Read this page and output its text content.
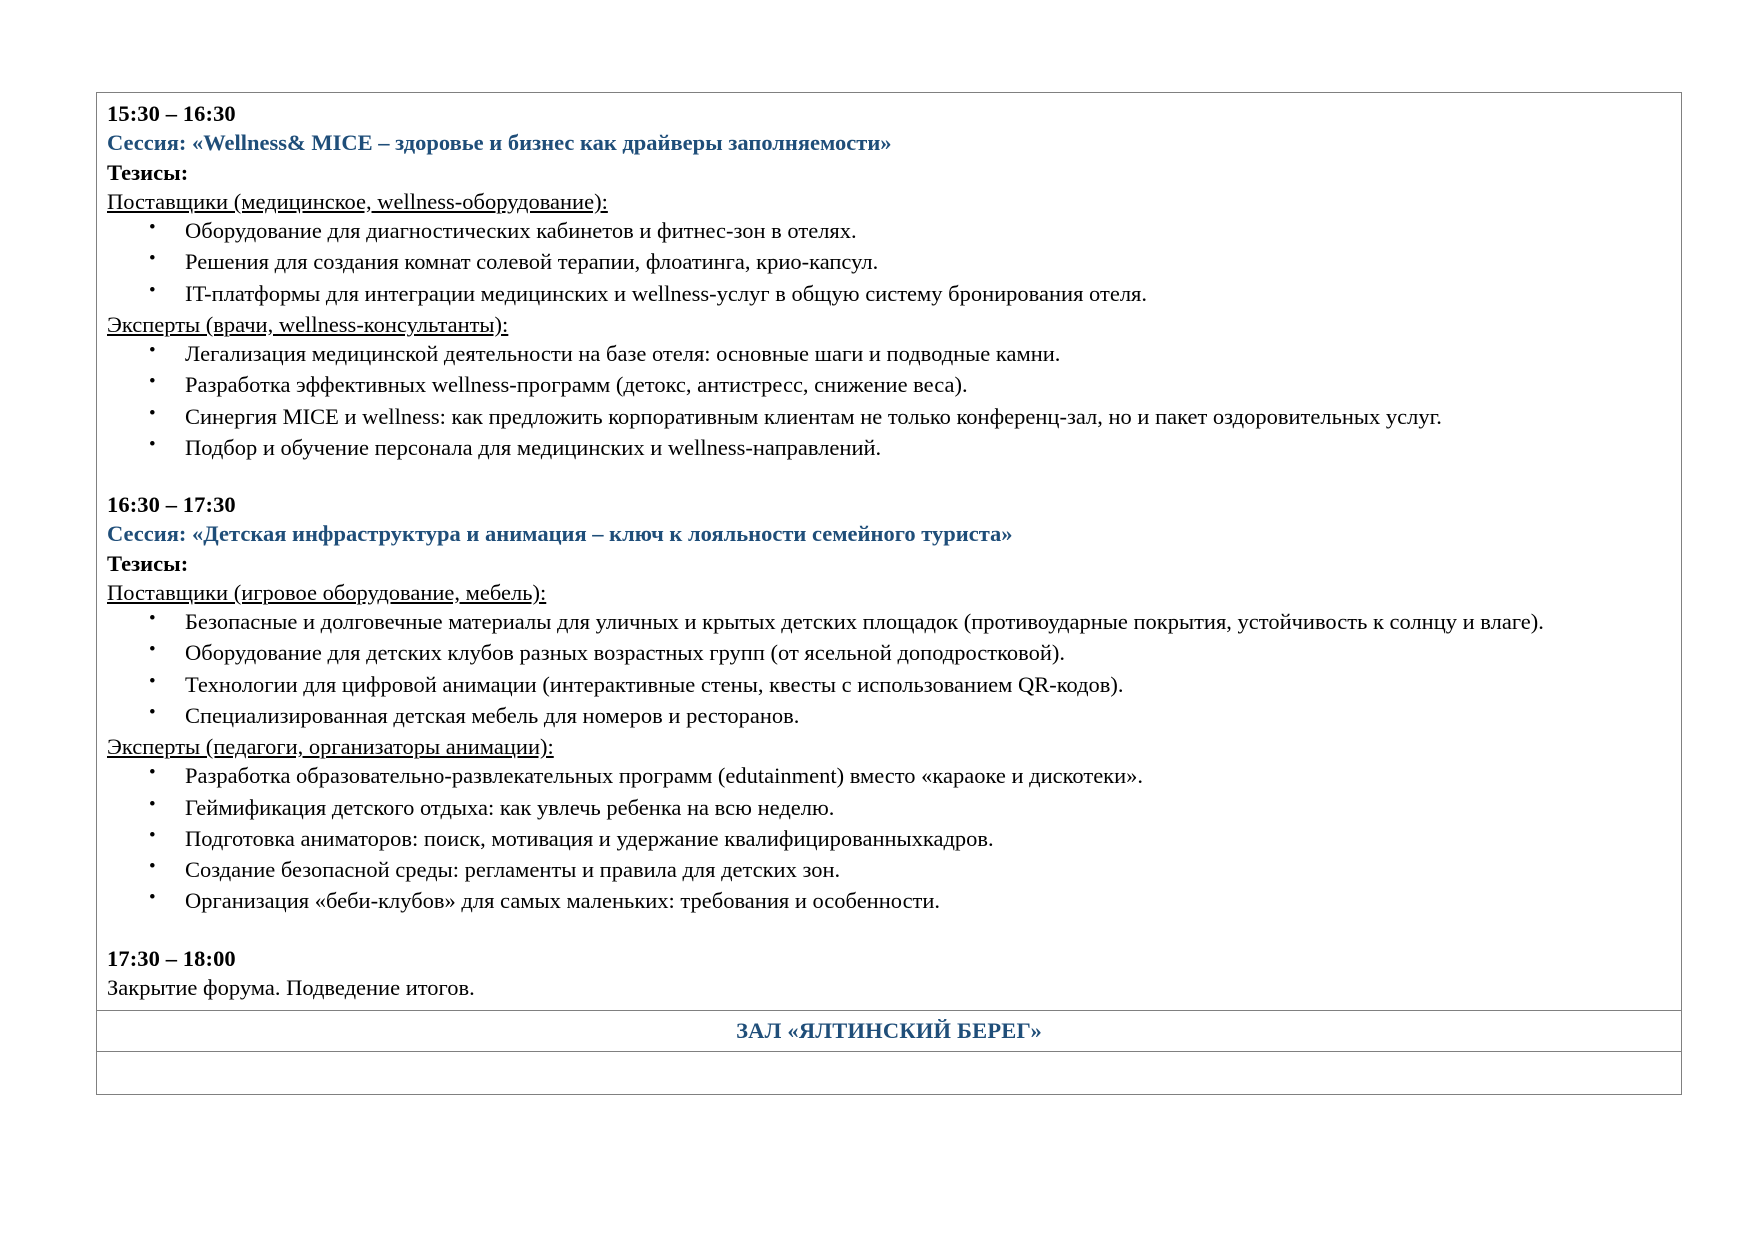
15:30 – 16:30

Сессия: «Wellness& MICE – здоровье и бизнес как драйверы заполняемости»

Тезисы:

Поставщики (медицинское, wellness-оборудование):
• Оборудование для диагностических кабинетов и фитнес-зон в отелях.
• Решения для создания комнат солевой терапии, флоатинга, крио-капсул.
• IT-платформы для интеграции медицинских и wellness-услуг в общую систему бронирования отеля.
Эксперты (врачи, wellness-консультанты):
• Легализация медицинской деятельности на базе отеля: основные шаги и подводные камни.
• Разработка эффективных wellness-программ (детокс, антистресс, снижение веса).
• Синергия MICE и wellness: как предложить корпоративным клиентам не только конференц-зал, но и пакет оздоровительных услуг.
• Подбор и обучение персонала для медицинских и wellness-направлений.

16:30 – 17:30

Сессия: «Детская инфраструктура и анимация – ключ к лояльности семейного туриста»

Тезисы:

Поставщики (игровое оборудование, мебель):
• Безопасные и долговечные материалы для уличных и крытых детских площадок (противоударные покрытия, устойчивость к солнцу и влаге).
• Оборудование для детских клубов разных возрастных групп (от ясельной доподростковой).
• Технологии для цифровой анимации (интерактивные стены, квесты с использованием QR-кодов).
• Специализированная детская мебель для номеров и ресторанов.
Эксперты (педагоги, организаторы анимации):
• Разработка образовательно-развлекательных программ (edutainment) вместо «караоке и дискотеки».
• Геймификация детского отдыха: как увлечь ребенка на всю неделю.
• Подготовка аниматоров: поиск, мотивация и удержание квалифицированныхкадров.
• Создание безопасной среды: регламенты и правила для детских зон.
• Организация «беби-клубов» для самых маленьких: требования и особенности.

17:30 – 18:00

Закрытие форума. Подведение итогов.

ЗАЛ «ЯЛТИНСКИЙ БЕРЕГ»
